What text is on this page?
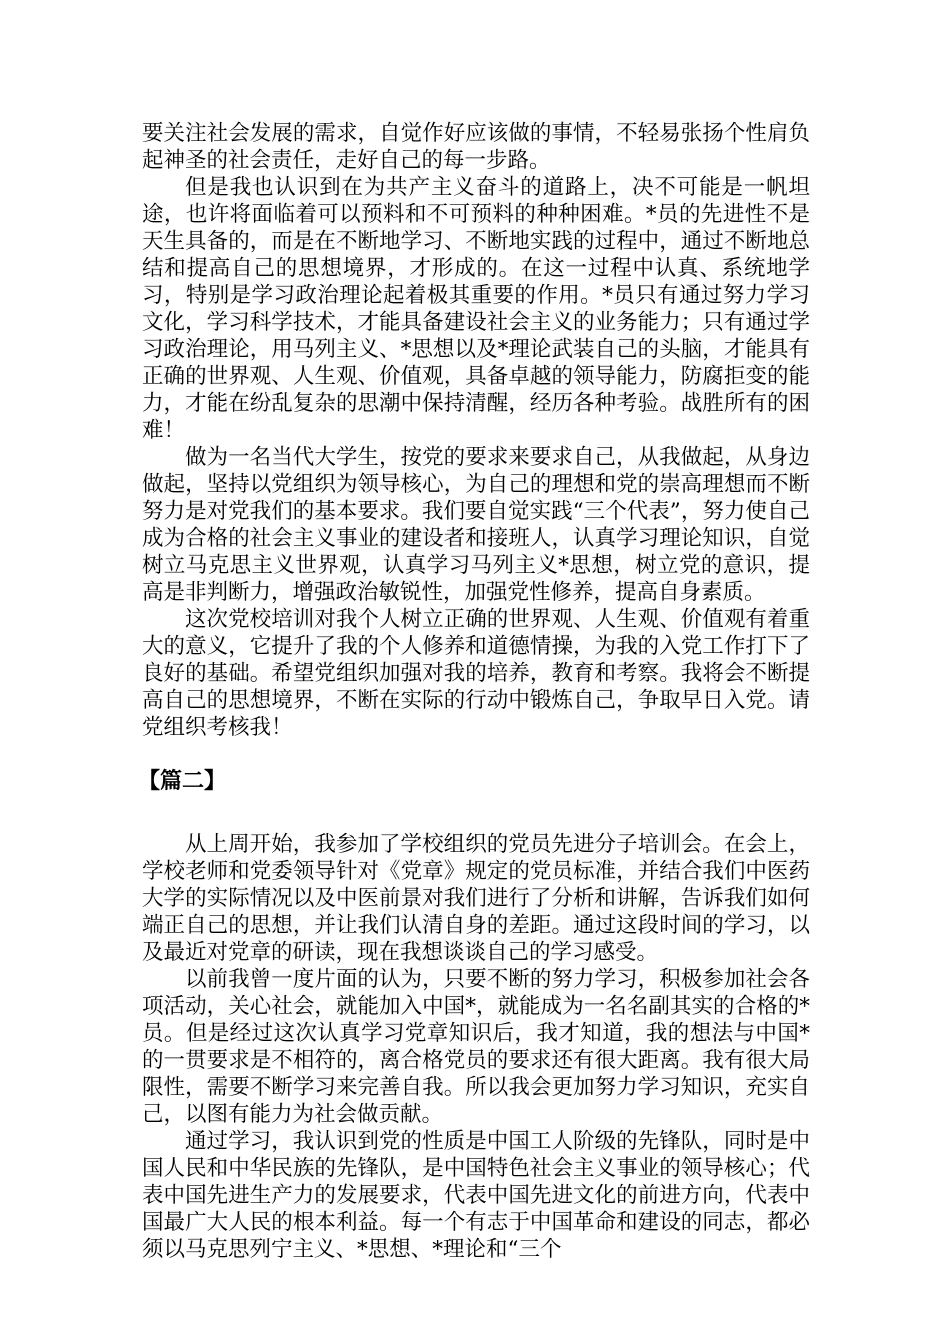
要关注社会发展的需求，自觉作好应该做的事情，不轻易张扬个性肩负起神圣的社会责任，走好自己的每一步路。

但是我也认识到在为共产主义奋斗的道路上，决不可能是一帆坦途，也许将面临着可以预料和不可预料的种种困难。*员的先进性不是天生具备的，而是在不断地学习、不断地实践的过程中，通过不断地总结和提高自己的思想境界，才形成的。在这一过程中认真、系统地学习，特别是学习政治理论起着极其重要的作用。*员只有通过努力学习文化，学习科学技术，才能具备建设社会主义的业务能力；只有通过学习政治理论，用马列主义、*思想以及*理论武装自己的头脑，才能具有正确的世界观、人生观、价值观，具备卓越的领导能力，防腐拒变的能力，才能在纷乱复杂的思潮中保持清醒，经历各种考验。战胜所有的困难！

做为一名当代大学生，按党的要求来要求自己，从我做起，从身边做起，坚持以党组织为领导核心，为自己的理想和党的崇高理想而不断努力是对党我们的基本要求。我们要自觉实践“三个代表”，努力使自己成为合格的社会主义事业的建设者和接班人，认真学习理论知识，自觉树立马克思主义世界观，认真学习马列主义*思想，树立党的意识，提高是非判断力，增强政治敏锐性，加强党性修养，提高自身素质。

这次党校培训对我个人树立正确的世界观、人生观、价值观有着重大的意义，它提升了我的个人修养和道德情操，为我的入党工作打下了良好的基础。希望党组织加强对我的培养，教育和考察。我将会不断提高自己的思想境界，不断在实际的行动中锻炼自己，争取早日入党。请党组织考核我！

【篇二】

从上周开始，我参加了学校组织的党员先进分子培训会。在会上，学校老师和党委领导针对《党章》规定的党员标准，并结合我们中医药大学的实际情况以及中医前景对我们进行了分析和讲解，告诉我们如何端正自己的思想，并让我们认清自身的差距。通过这段时间的学习，以及最近对党章的研读，现在我想谈谈自己的学习感受。

以前我曾一度片面的认为，只要不断的努力学习，积极参加社会各项活动，关心社会，就能加入中国*，就能成为一名名副其实的合格的*员。但是经过这次认真学习党章知识后，我才知道，我的想法与中国*的一贯要求是不相符的，离合格党员的要求还有很大距离。我有很大局限性，需要不断学习来完善自我。所以我会更加努力学习知识，充实自己，以图有能力为社会做贡献。

通过学习，我认识到党的性质是中国工人阶级的先锋队，同时是中国人民和中华民族的先锋队，是中国特色社会主义事业的领导核心；代表中国先进生产力的发展要求，代表中国先进文化的前进方向，代表中国最广大人民的根本利益。每一个有志于中国革命和建设的同志，都必须以马克思列宁主义、*思想、*理论和“三个
